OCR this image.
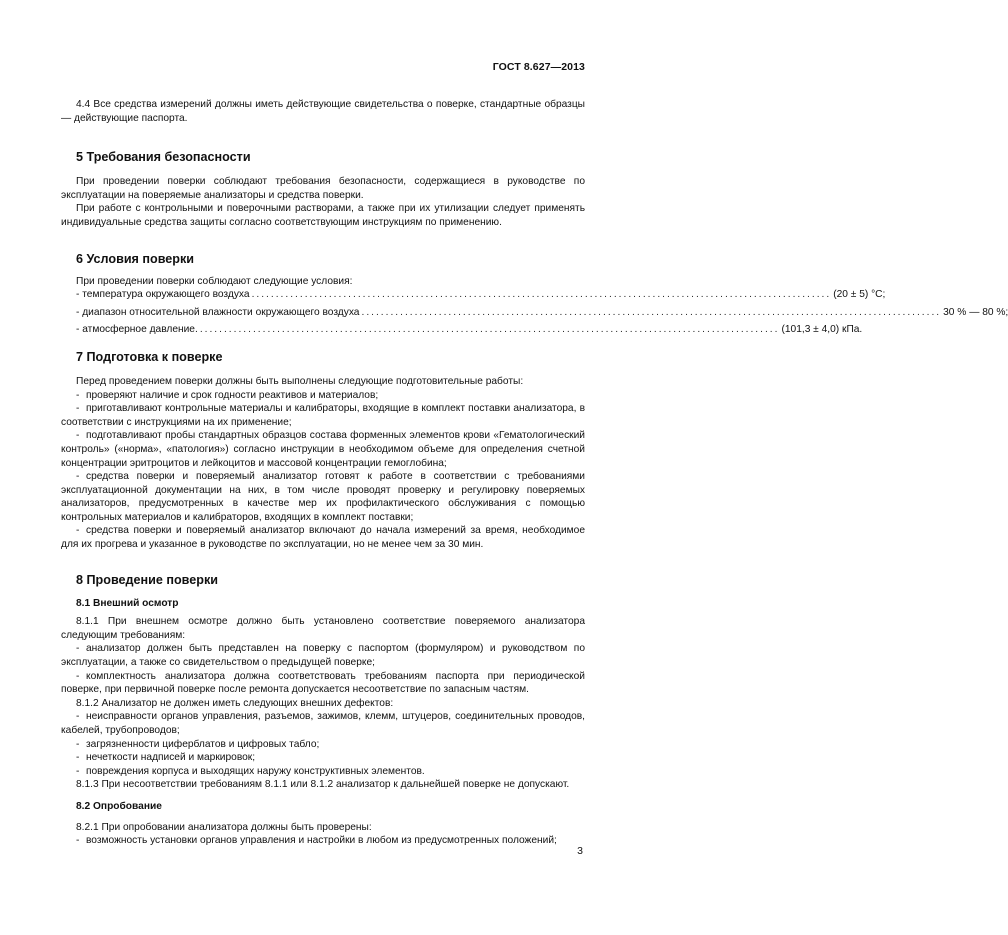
ГОСТ 8.627—2013

4.4 Все средства измерений должны иметь действующие свидетельства о поверке, стандартные образцы — действующие паспорта.

5 Требования безопасности

При проведении поверки соблюдают требования безопасности, содержащиеся в руководстве по эксплуатации на поверяемые анализаторы и средства поверки.

При работе с контрольными и поверочными растворами, а также при их утилизации следует применять индивидуальные средства защиты согласно соответствующим инструкциям по применению.

6 Условия поверки

При проведении поверки соблюдают следующие условия:

- температура окружающего воздуха ........................................................................................................................ (20 ± 5) °С;
- диапазон относительной влажности окружающего воздуха ........................................................................................................................ 30 % — 80 %;
- атмосферное давление. ........................................................................................................................ (101,3 ± 4,0) кПа.
7 Подготовка к поверке

Перед проведением поверки должны быть выполнены следующие подготовительные работы:

- проверяют наличие и срок годности реактивов и материалов;

- приготавливают контрольные материалы и калибраторы, входящие в комплект поставки анализатора, в соответствии с инструкциями на их применение;

- подготавливают пробы стандартных образцов состава форменных элементов крови «Гематологический контроль» («норма», «патология») согласно инструкции в необходимом объеме для определения счетной концентрации эритроцитов и лейкоцитов и массовой концентрации гемоглобина;

- средства поверки и поверяемый анализатор готовят к работе в соответствии с требованиями эксплуатационной документации на них, в том числе проводят проверку и регулировку поверяемых анализаторов, предусмотренных в качестве мер их профилактического обслуживания с помощью контрольных материалов и калибраторов, входящих в комплект поставки;

- средства поверки и поверяемый анализатор включают до начала измерений за время, необходимое для их прогрева и указанное в руководстве по эксплуатации, но не менее чем за 30 мин.

8 Проведение поверки
8.1 Внешний осмотр

8.1.1 При внешнем осмотре должно быть установлено соответствие поверяемого анализатора следующим требованиям:

- анализатор должен быть представлен на поверку с паспортом (формуляром) и руководством по эксплуатации, а также со свидетельством о предыдущей поверке;

- комплектность анализатора должна соответствовать требованиям паспорта при периодической поверке, при первичной поверке после ремонта допускается несоответствие по запасным частям.

8.1.2 Анализатор не должен иметь следующих внешних дефектов:

- неисправности органов управления, разъемов, зажимов, клемм, штуцеров, соединительных проводов, кабелей, трубопроводов;

- загрязненности циферблатов и цифровых табло;

- нечеткости надписей и маркировок;

- повреждения корпуса и выходящих наружу конструктивных элементов.

8.1.3 При несоответствии требованиям 8.1.1 или 8.1.2 анализатор к дальнейшей поверке не допускают.

8.2 Опробование

8.2.1 При опробовании анализатора должны быть проверены:

- возможность установки органов управления и настройки в любом из предусмотренных положений;

3
